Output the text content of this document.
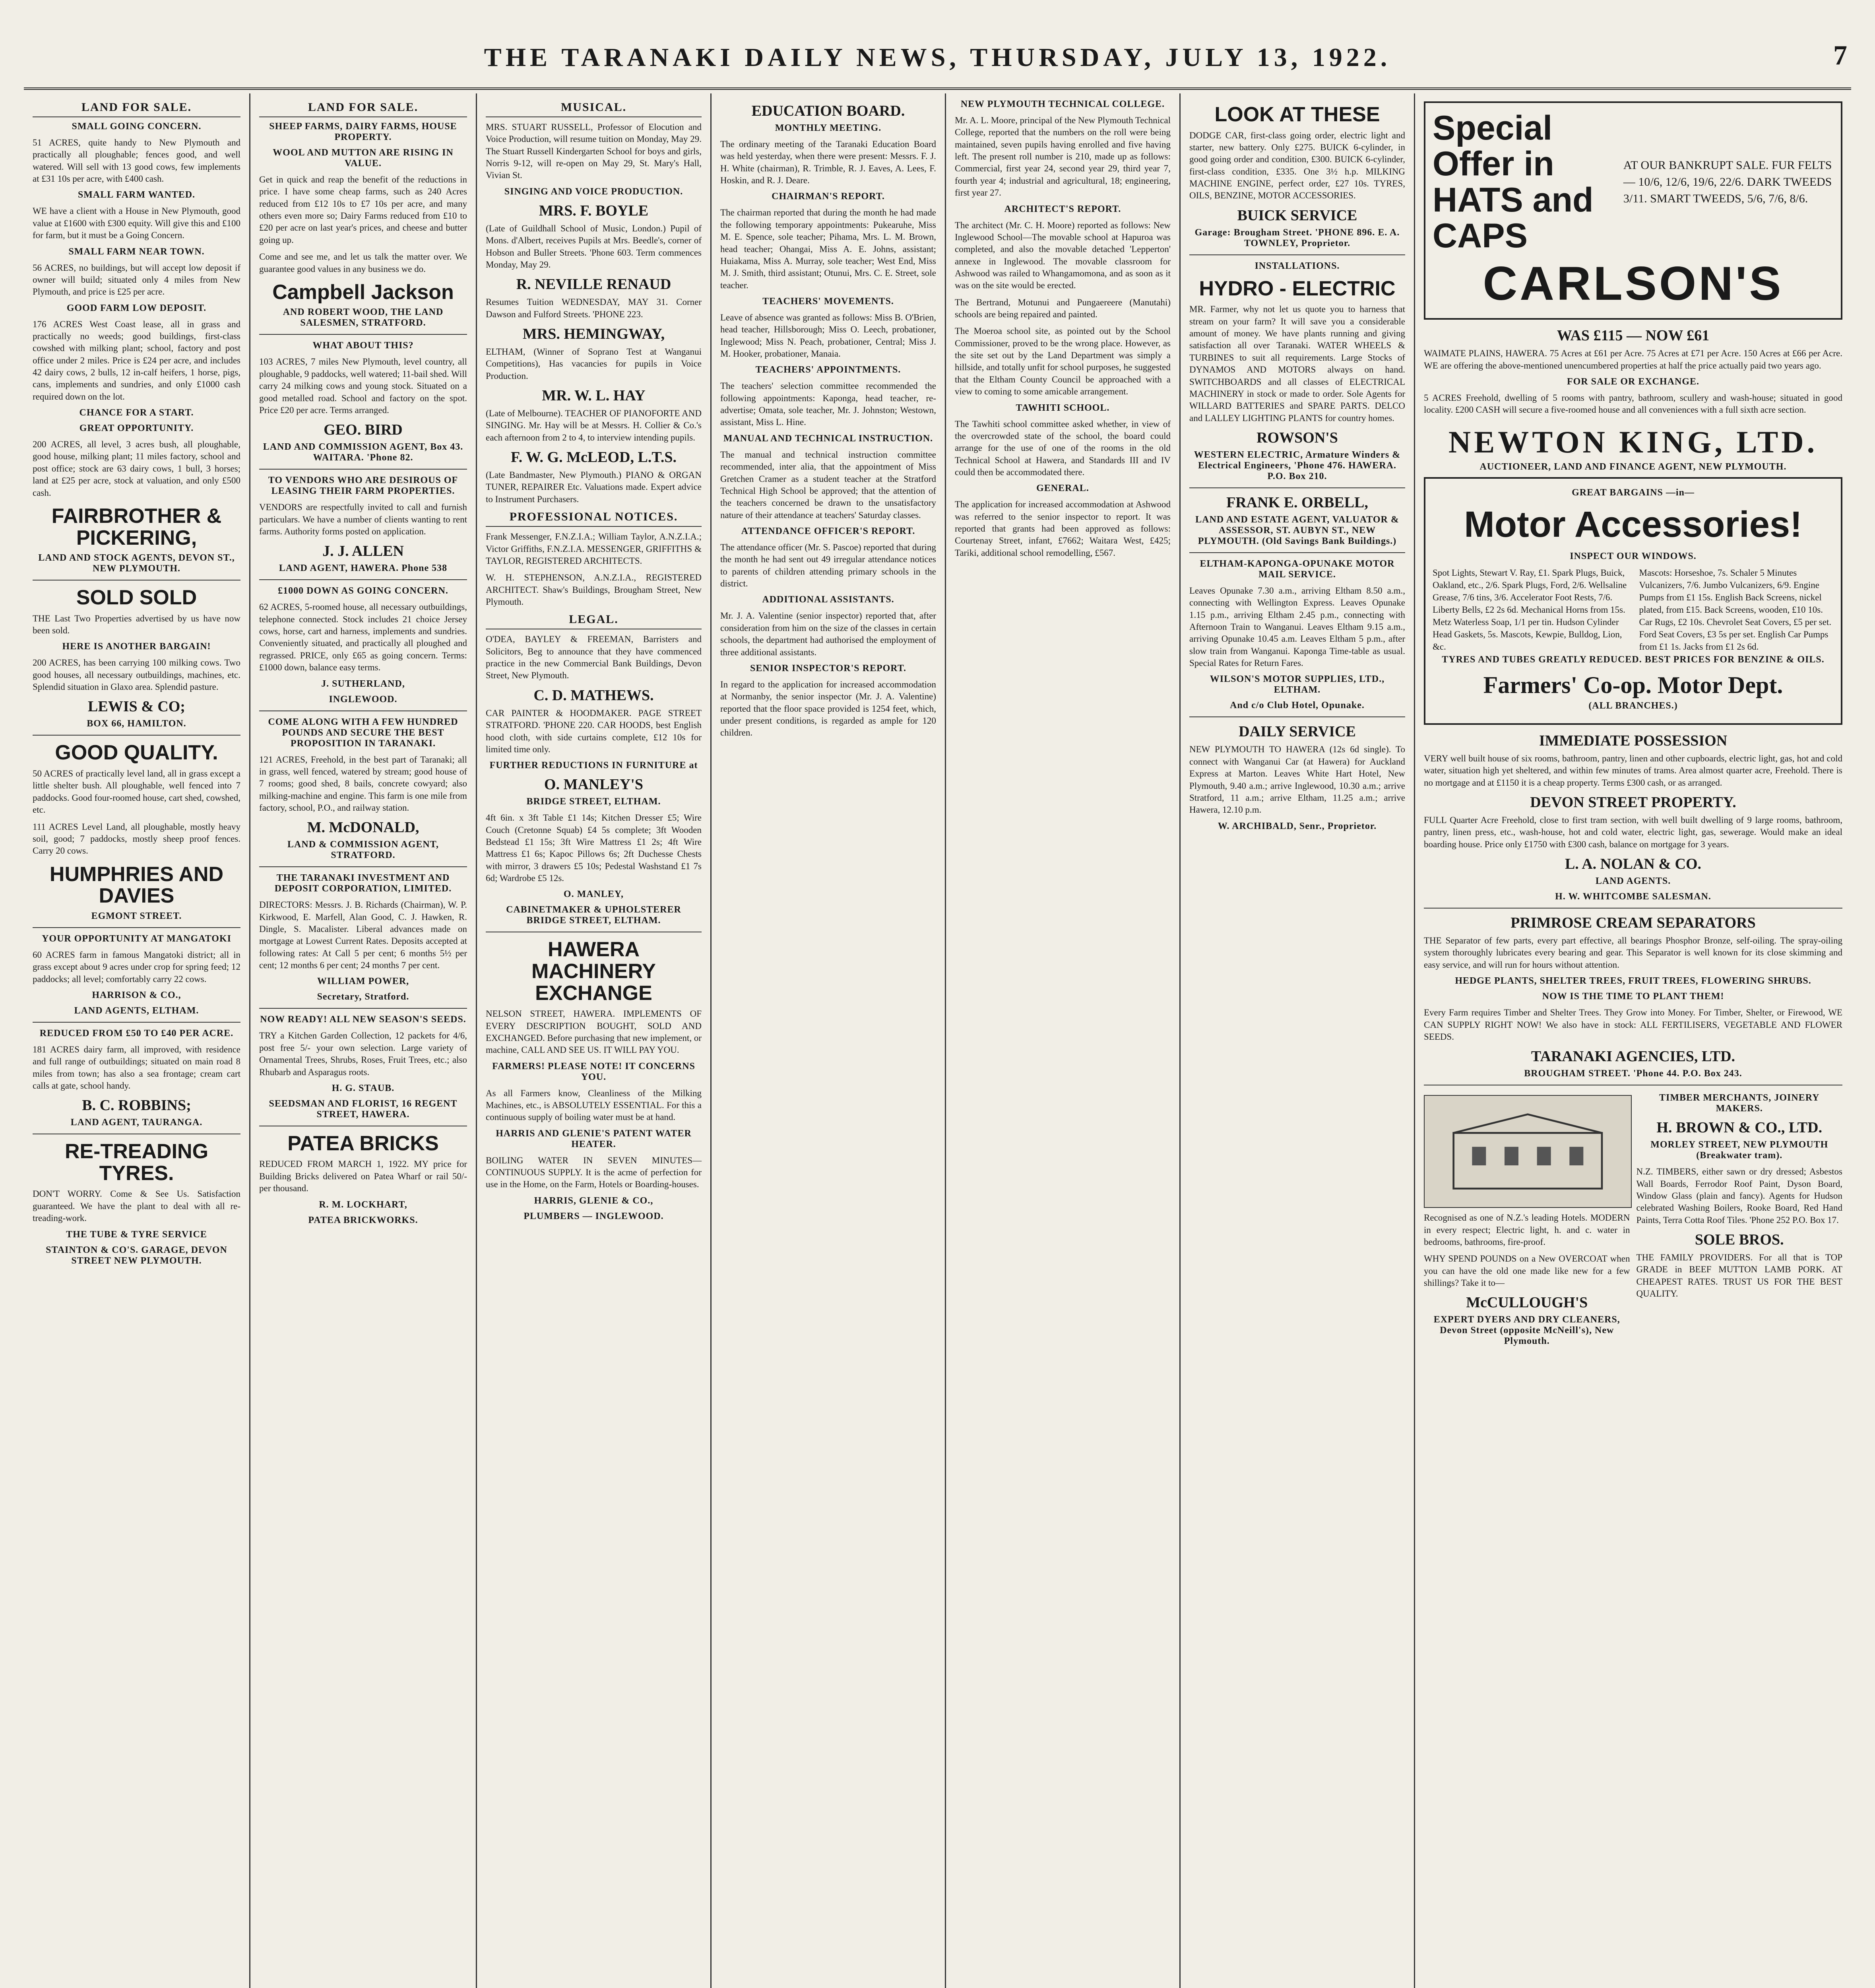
THE TARANAKI DAILY NEWS, THURSDAY, JULY 13, 1922.	7
LAND FOR SALE.
SMALL GOING CONCERN.

51 ACRES, quite handy to New Plymouth and practically all ploughable; fences good, and well watered. Will sell with 13 good cows, few implements at £31 10s per acre, with £400 cash.

SMALL FARM WANTED.

WE have a client with a House in New Plymouth, good value at £1600 with £300 equity. Will give this and £100 for farm, but it must be a Going Concern.

SMALL FARM NEAR TOWN.

56 ACRES, no buildings, but will accept low deposit if owner will build; situated only 4 miles from New Plymouth, and price is £25 per acre.

GOOD FARM LOW DEPOSIT.

176 ACRES West Coast lease, all in grass and practically no weeds; good buildings, first-class cowshed with milking plant; school, factory and post office under 2 miles. Price is £24 per acre, and includes 42 dairy cows, 2 bulls, 12 in-calf heifers, 1 horse, pigs, cans, implements and sundries, and only £1000 cash required down on the lot.

CHANCE FOR A START.
GREAT OPPORTUNITY.

200 ACRES, all level, 3 acres bush, all ploughable, good house, milking plant; 11 miles factory, school and post office; stock are 63 dairy cows, 1 bull, 3 horses; land at £25 per acre, stock at valuation, and only £500 cash.

FAIRBROTHER & PICKERING,
LAND AND STOCK AGENTS, DEVON ST., NEW PLYMOUTH.
SOLD SOLD

THE Last Two Properties advertised by us have now been sold.

HERE IS ANOTHER BARGAIN!

200 ACRES, has been carrying 100 milking cows. Two good houses, all necessary outbuildings, machines, etc. Splendid situation in Glaxo area. Splendid pasture.

LEWIS & CO;
BOX 66, HAMILTON.
GOOD QUALITY.

50 ACRES of practically level land, all in grass except a little shelter bush. All ploughable, well fenced into 7 paddocks. Good four-roomed house, cart shed, cowshed, etc.

111 ACRES Level Land, all ploughable, mostly heavy soil, good; 7 paddocks, mostly sheep proof fences. Carry 20 cows.

HUMPHRIES AND DAVIES
EGMONT STREET.
YOUR OPPORTUNITY AT MANGATOKI

60 ACRES farm in famous Mangatoki district; all in grass except about 9 acres under crop for spring feed; 12 paddocks; all level; comfortably carry 22 cows.

HARRISON & CO.,
LAND AGENTS, ELTHAM.
REDUCED FROM £50 TO £40 PER ACRE.

181 ACRES dairy farm, all improved, with residence and full range of outbuildings; situated on main road 8 miles from town; has also a sea frontage; cream cart calls at gate, school handy.

B. C. ROBBINS;
LAND AGENT, TAURANGA.
RE-TREADING TYRES.

DON'T WORRY. Come & See Us. Satisfaction guaranteed. We have the plant to deal with all re-treading-work.

THE TUBE & TYRE SERVICE
STAINTON & CO'S. GARAGE, DEVON STREET NEW PLYMOUTH.
LAND FOR SALE.
SHEEP FARMS, DAIRY FARMS, HOUSE PROPERTY.
WOOL AND MUTTON ARE RISING IN VALUE.

Get in quick and reap the benefit of the reductions in price. I have some cheap farms, such as 240 Acres reduced from £12 10s to £7 10s per acre, and many others even more so; Dairy Farms reduced from £10 to £20 per acre on last year's prices, and cheese and butter going up.

Come and see me, and let us talk the matter over. We guarantee good values in any business we do.

Campbell Jackson
AND ROBERT WOOD, THE LAND SALESMEN, STRATFORD.
WHAT ABOUT THIS?

103 ACRES, 7 miles New Plymouth, level country, all ploughable, 9 paddocks, well watered; 11-bail shed. Will carry 24 milking cows and young stock. Situated on a good metalled road. School and factory on the spot. Price £20 per acre. Terms arranged.

GEO. BIRD
LAND AND COMMISSION AGENT, Box 43. WAITARA. 'Phone 82.
TO VENDORS WHO ARE DESIROUS OF LEASING THEIR FARM PROPERTIES.

VENDORS are respectfully invited to call and furnish particulars. We have a number of clients wanting to rent farms. Authority forms posted on application.

J. J. ALLEN
LAND AGENT, HAWERA. Phone 538
£1000 DOWN AS GOING CONCERN.

62 ACRES, 5-roomed house, all necessary outbuildings, telephone connected. Stock includes 21 choice Jersey cows, horse, cart and harness, implements and sundries. Conveniently situated, and practically all ploughed and regrassed. PRICE, only £65 as going concern. Terms: £1000 down, balance easy terms.

J. SUTHERLAND,
INGLEWOOD.
COME ALONG WITH A FEW HUNDRED POUNDS AND SECURE THE BEST PROPOSITION IN TARANAKI.

121 ACRES, Freehold, in the best part of Taranaki; all in grass, well fenced, watered by stream; good house of 7 rooms; good shed, 8 bails, concrete cowyard; also milking-machine and engine. This farm is one mile from factory, school, P.O., and railway station.

M. McDONALD,
LAND & COMMISSION AGENT, STRATFORD.
THE TARANAKI INVESTMENT AND DEPOSIT CORPORATION, LIMITED.

DIRECTORS: Messrs. J. B. Richards (Chairman), W. P. Kirkwood, E. Marfell, Alan Good, C. J. Hawken, R. Dingle, S. Macalister. Liberal advances made on mortgage at Lowest Current Rates. Deposits accepted at following rates: At Call 5 per cent; 6 months 5½ per cent; 12 months 6 per cent; 24 months 7 per cent.

WILLIAM POWER,
Secretary, Stratford.
NOW READY! ALL NEW SEASON'S SEEDS.

TRY a Kitchen Garden Collection, 12 packets for 4/6, post free 5/- your own selection. Large variety of Ornamental Trees, Shrubs, Roses, Fruit Trees, etc.; also Rhubarb and Asparagus roots.

H. G. STAUB.
SEEDSMAN AND FLORIST, 16 REGENT STREET, HAWERA.
PATEA BRICKS

REDUCED FROM MARCH 1, 1922. MY price for Building Bricks delivered on Patea Wharf or rail 50/- per thousand.

R. M. LOCKHART,
PATEA BRICKWORKS.
MUSICAL.

MRS. STUART RUSSELL, Professor of Elocution and Voice Production, will resume tuition on Monday, May 29. The Stuart Russell Kindergarten School for boys and girls, Norris 9-12, will re-open on May 29, St. Mary's Hall, Vivian St.

SINGING AND VOICE PRODUCTION.
MRS. F. BOYLE

(Late of Guildhall School of Music, London.) Pupil of Mons. d'Albert, receives Pupils at Mrs. Beedle's, corner of Hobson and Buller Streets. 'Phone 603. Term commences Monday, May 29.

R. NEVILLE RENAUD

Resumes Tuition WEDNESDAY, MAY 31. Corner Dawson and Fulford Streets. 'PHONE 223.

MRS. HEMINGWAY,

ELTHAM, (Winner of Soprano Test at Wanganui Competitions), Has vacancies for pupils in Voice Production.

MR. W. L. HAY

(Late of Melbourne). TEACHER OF PIANOFORTE AND SINGING. Mr. Hay will be at Messrs. H. Collier & Co.'s each afternoon from 2 to 4, to interview intending pupils.

F. W. G. McLEOD, L.T.S.

(Late Bandmaster, New Plymouth.) PIANO & ORGAN TUNER, REPAIRER Etc. Valuations made. Expert advice to Instrument Purchasers.

PROFESSIONAL NOTICES.

Frank Messenger, F.N.Z.I.A.; William Taylor, A.N.Z.I.A.; Victor Griffiths, F.N.Z.I.A. MESSENGER, GRIFFITHS & TAYLOR, REGISTERED ARCHITECTS.

W. H. STEPHENSON, A.N.Z.I.A., REGISTERED ARCHITECT. Shaw's Buildings, Brougham Street, New Plymouth.

LEGAL.

O'DEA, BAYLEY & FREEMAN, Barristers and Solicitors, Beg to announce that they have commenced practice in the new Commercial Bank Buildings, Devon Street, New Plymouth.

C. D. MATHEWS.

CAR PAINTER & HOODMAKER. PAGE STREET STRATFORD. 'PHONE 220. CAR HOODS, best English hood cloth, with side curtains complete, £12 10s for limited time only.

FURTHER REDUCTIONS IN FURNITURE at
O. MANLEY'S
BRIDGE STREET, ELTHAM.

4ft 6in. x 3ft Table £1 14s; Kitchen Dresser £5; Wire Couch (Cretonne Squab) £4 5s complete; 3ft Wooden Bedstead £1 15s; 3ft Wire Mattress £1 2s; 4ft Wire Mattress £1 6s; Kapoc Pillows 6s; 2ft Duchesse Chests with mirror, 3 drawers £5 10s; Pedestal Washstand £1 7s 6d; Wardrobe £5 12s.

O. MANLEY,
CABINETMAKER & UPHOLSTERER BRIDGE STREET, ELTHAM.
HAWERA MACHINERY EXCHANGE

NELSON STREET, HAWERA. IMPLEMENTS OF EVERY DESCRIPTION BOUGHT, SOLD AND EXCHANGED. Before purchasing that new implement, or machine, CALL AND SEE US. IT WILL PAY YOU.

FARMERS! PLEASE NOTE! IT CONCERNS YOU.

As all Farmers know, Cleanliness of the Milking Machines, etc., is ABSOLUTELY ESSENTIAL. For this a continuous supply of boiling water must be at hand.

HARRIS AND GLENIE'S PATENT WATER HEATER.

BOILING WATER IN SEVEN MINUTES—CONTINUOUS SUPPLY. It is the acme of perfection for use in the Home, on the Farm, Hotels or Boarding-houses.

HARRIS, GLENIE & CO.,
PLUMBERS — INGLEWOOD.
EDUCATION BOARD.
MONTHLY MEETING.

The ordinary meeting of the Taranaki Education Board was held yesterday, when there were present: Messrs. F. J. H. White (chairman), R. Trimble, R. J. Eaves, A. Lees, F. Hoskin, and R. J. Deare.

CHAIRMAN'S REPORT.

The chairman reported that during the month he had made the following temporary appointments: Pukearuhe, Miss M. E. Spence, sole teacher; Pihama, Mrs. L. M. Brown, head teacher; Ohangai, Miss A. E. Johns, assistant; Huiakama, Miss A. Murray, sole teacher; West End, Miss M. J. Smith, third assistant; Otunui, Mrs. C. E. Street, sole teacher.

TEACHERS' MOVEMENTS.

Leave of absence was granted as follows: Miss B. O'Brien, head teacher, Hillsborough; Miss O. Leech, probationer, Inglewood; Miss N. Peach, probationer, Central; Miss J. M. Hooker, probationer, Manaia.

TEACHERS' APPOINTMENTS.

The teachers' selection committee recommended the following appointments: Kaponga, head teacher, re-advertise; Omata, sole teacher, Mr. J. Johnston; Westown, assistant, Miss L. Hine.

MANUAL AND TECHNICAL INSTRUCTION.

The manual and technical instruction committee recommended, inter alia, that the appointment of Miss Gretchen Cramer as a student teacher at the Stratford Technical High School be approved; that the attention of the teachers concerned be drawn to the unsatisfactory nature of their attendance at teachers' Saturday classes.

ATTENDANCE OFFICER'S REPORT.

The attendance officer (Mr. S. Pascoe) reported that during the month he had sent out 49 irregular attendance notices to parents of children attending primary schools in the district.

ADDITIONAL ASSISTANTS.

Mr. J. A. Valentine (senior inspector) reported that, after consideration from him on the size of the classes in certain schools, the department had authorised the employment of three additional assistants.

SENIOR INSPECTOR'S REPORT.

In regard to the application for increased accommodation at Normanby, the senior inspector (Mr. J. A. Valentine) reported that the floor space provided is 1254 feet, which, under present conditions, is regarded as ample for 120 children.

NEW PLYMOUTH TECHNICAL COLLEGE.

Mr. A. L. Moore, principal of the New Plymouth Technical College, reported that the numbers on the roll were being maintained, seven pupils having enrolled and five having left. The present roll number is 210, made up as follows: Commercial, first year 24, second year 29, third year 7, fourth year 4; industrial and agricultural, 18; engineering, first year 27.

ARCHITECT'S REPORT.

The architect (Mr. C. H. Moore) reported as follows: New Inglewood School—The movable school at Hapuroa was completed, and also the movable detached 'Lepperton' annexe in Inglewood. The movable classroom for Ashwood was railed to Whangamomona, and as soon as it was on the site would be erected.

The Bertrand, Motunui and Pungaereere (Manutahi) schools are being repaired and painted.

The Moeroa school site, as pointed out by the School Commissioner, proved to be the wrong place. However, as the site set out by the Land Department was simply a hillside, and totally unfit for school purposes, he suggested that the Eltham County Council be approached with a view to coming to some amicable arrangement.

TAWHITI SCHOOL.

The Tawhiti school committee asked whether, in view of the overcrowded state of the school, the board could arrange for the use of one of the rooms in the old Technical School at Hawera, and Standards III and IV could then be accommodated there.

GENERAL.

The application for increased accommodation at Ashwood was referred to the senior inspector to report. It was reported that grants had been approved as follows: Courtenay Street, infant, £7662; Waitara West, £425; Tariki, additional school remodelling, £567.

LOOK AT THESE

DODGE CAR, first-class going order, electric light and starter, new battery. Only £275. BUICK 6-cylinder, in good going order and condition, £300. BUICK 6-cylinder, first-class condition, £335. One 3½ h.p. MILKING MACHINE ENGINE, perfect order, £27 10s. TYRES, OILS, BENZINE, MOTOR ACCESSORIES.

BUICK SERVICE
Garage: Brougham Street. 'PHONE 896. E. A. TOWNLEY, Proprietor.
INSTALLATIONS.
HYDRO - ELECTRIC

MR. Farmer, why not let us quote you to harness that stream on your farm? It will save you a considerable amount of money. We have plants running and giving satisfaction all over Taranaki. WATER WHEELS & TURBINES to suit all requirements. Large Stocks of DYNAMOS AND MOTORS always on hand. SWITCHBOARDS and all classes of ELECTRICAL MACHINERY in stock or made to order. Sole Agents for WILLARD BATTERIES and SPARE PARTS. DELCO and LALLEY LIGHTING PLANTS for country homes.

ROWSON'S
WESTERN ELECTRIC, Armature Winders & Electrical Engineers, 'Phone 476. HAWERA. P.O. Box 210.
FRANK E. ORBELL,
LAND AND ESTATE AGENT, VALUATOR & ASSESSOR, ST. AUBYN ST., NEW PLYMOUTH. (Old Savings Bank Buildings.)
ELTHAM-KAPONGA-OPUNAKE MOTOR MAIL SERVICE.

Leaves Opunake 7.30 a.m., arriving Eltham 8.50 a.m., connecting with Wellington Express. Leaves Opunake 1.15 p.m., arriving Eltham 2.45 p.m., connecting with Afternoon Train to Wanganui. Leaves Eltham 9.15 a.m., arriving Opunake 10.45 a.m. Leaves Eltham 5 p.m., after slow train from Wanganui. Kaponga Time-table as usual. Special Rates for Return Fares.

WILSON'S MOTOR SUPPLIES, LTD., ELTHAM.
And c/o Club Hotel, Opunake.
DAILY SERVICE

NEW PLYMOUTH TO HAWERA (12s 6d single). To connect with Wanganui Car (at Hawera) for Auckland Express at Marton. Leaves White Hart Hotel, New Plymouth, 9.40 a.m.; arrive Inglewood, 10.30 a.m.; arrive Stratford, 11 a.m.; arrive Eltham, 11.25 a.m.; arrive Hawera, 12.10 p.m.

W. ARCHIBALD, Senr., Proprietor.
Special Offer in HATS and CAPS
AT OUR BANKRUPT SALE. FUR FELTS— 10/6, 12/6, 19/6, 22/6. DARK TWEEDS 3/11. SMART TWEEDS, 5/6, 7/6, 8/6.
CARLSON'S
WAS £115 — NOW £61

WAIMATE PLAINS, HAWERA. 75 Acres at £61 per Acre. 75 Acres at £71 per Acre. 150 Acres at £66 per Acre. WE are offering the above-mentioned unencumbered properties at half the price actually paid two years ago.

FOR SALE OR EXCHANGE.

5 ACRES Freehold, dwelling of 5 rooms with pantry, bathroom, scullery and wash-house; situated in good locality. £200 CASH will secure a five-roomed house and all conveniences with a full sixth acre section.

NEWTON KING, LTD.
AUCTIONEER, LAND AND FINANCE AGENT, NEW PLYMOUTH.
GREAT BARGAINS —in—
Motor Accessories!
INSPECT OUR WINDOWS.
Spot Lights, Stewart V. Ray, £1. Spark Plugs, Buick, Oakland, etc., 2/6. Spark Plugs, Ford, 2/6. Wellsaline Grease, 7/6 tins, 3/6. Accelerator Foot Rests, 7/6. Liberty Bells, £2 2s 6d. Mechanical Horns from 15s. Metz Waterless Soap, 1/1 per tin. Hudson Cylinder Head Gaskets, 5s. Mascots, Kewpie, Bulldog, Lion, &c.
Mascots: Horseshoe, 7s. Schaler 5 Minutes Vulcanizers, 7/6. Jumbo Vulcanizers, 6/9. Engine Pumps from £1 15s. English Back Screens, nickel plated, from £15. Back Screens, wooden, £10 10s. Car Rugs, £2 10s. Chevrolet Seat Covers, £5 per set. Ford Seat Covers, £3 5s per set. English Car Pumps from £1 1s. Jacks from £1 2s 6d.
TYRES AND TUBES GREATLY REDUCED. BEST PRICES FOR BENZINE & OILS.
Farmers' Co-op. Motor Dept.
(ALL BRANCHES.)
IMMEDIATE POSSESSION

VERY well built house of six rooms, bathroom, pantry, linen and other cupboards, electric light, gas, hot and cold water, situation high yet sheltered, and within few minutes of trams. Area almost quarter acre, Freehold. There is no mortgage and at £1150 it is a cheap property. Terms £300 cash, or as arranged.

DEVON STREET PROPERTY.

FULL Quarter Acre Freehold, close to first tram section, with well built dwelling of 9 large rooms, bathroom, pantry, linen press, etc., wash-house, hot and cold water, electric light, gas, sewerage. Would make an ideal boarding house. Price only £1750 with £300 cash, balance on mortgage for 3 years.

L. A. NOLAN & CO.
LAND AGENTS.
H. W. WHITCOMBE SALESMAN.
PRIMROSE CREAM SEPARATORS

THE Separator of few parts, every part effective, all bearings Phosphor Bronze, self-oiling. The spray-oiling system thoroughly lubricates every bearing and gear. This Separator is well known for its close skimming and easy service, and will run for hours without attention.

HEDGE PLANTS, SHELTER TREES, FRUIT TREES, FLOWERING SHRUBS.
NOW IS THE TIME TO PLANT THEM!

Every Farm requires Timber and Shelter Trees. They Grow into Money. For Timber, Shelter, or Firewood, WE CAN SUPPLY RIGHT NOW! We also have in stock: ALL FERTILISERS, VEGETABLE AND FLOWER SEEDS.

TARANAKI AGENCIES, LTD.
BROUGHAM STREET. 'Phone 44. P.O. Box 243.

Recognised as one of N.Z.'s leading Hotels. MODERN in every respect; Electric light, h. and c. water in bedrooms, bathrooms, fire-proof.

WHY SPEND POUNDS on a New OVERCOAT when you can have the old one made like new for a few shillings? Take it to—

McCULLOUGH'S
EXPERT DYERS AND DRY CLEANERS, Devon Street (opposite McNeill's), New Plymouth.
TIMBER MERCHANTS, JOINERY MAKERS.
H. BROWN & CO., LTD.
MORLEY STREET, NEW PLYMOUTH (Breakwater tram).

N.Z. TIMBERS, either sawn or dry dressed; Asbestos Wall Boards, Ferrodor Roof Paint, Dyson Board, Window Glass (plain and fancy). Agents for Hudson celebrated Washing Boilers, Rooke Board, Red Hand Paints, Terra Cotta Roof Tiles. 'Phone 252 P.O. Box 17.

SOLE BROS.

THE FAMILY PROVIDERS. For all that is TOP GRADE in BEEF MUTTON LAMB PORK. AT CHEAPEST RATES. TRUST US FOR THE BEST QUALITY.
